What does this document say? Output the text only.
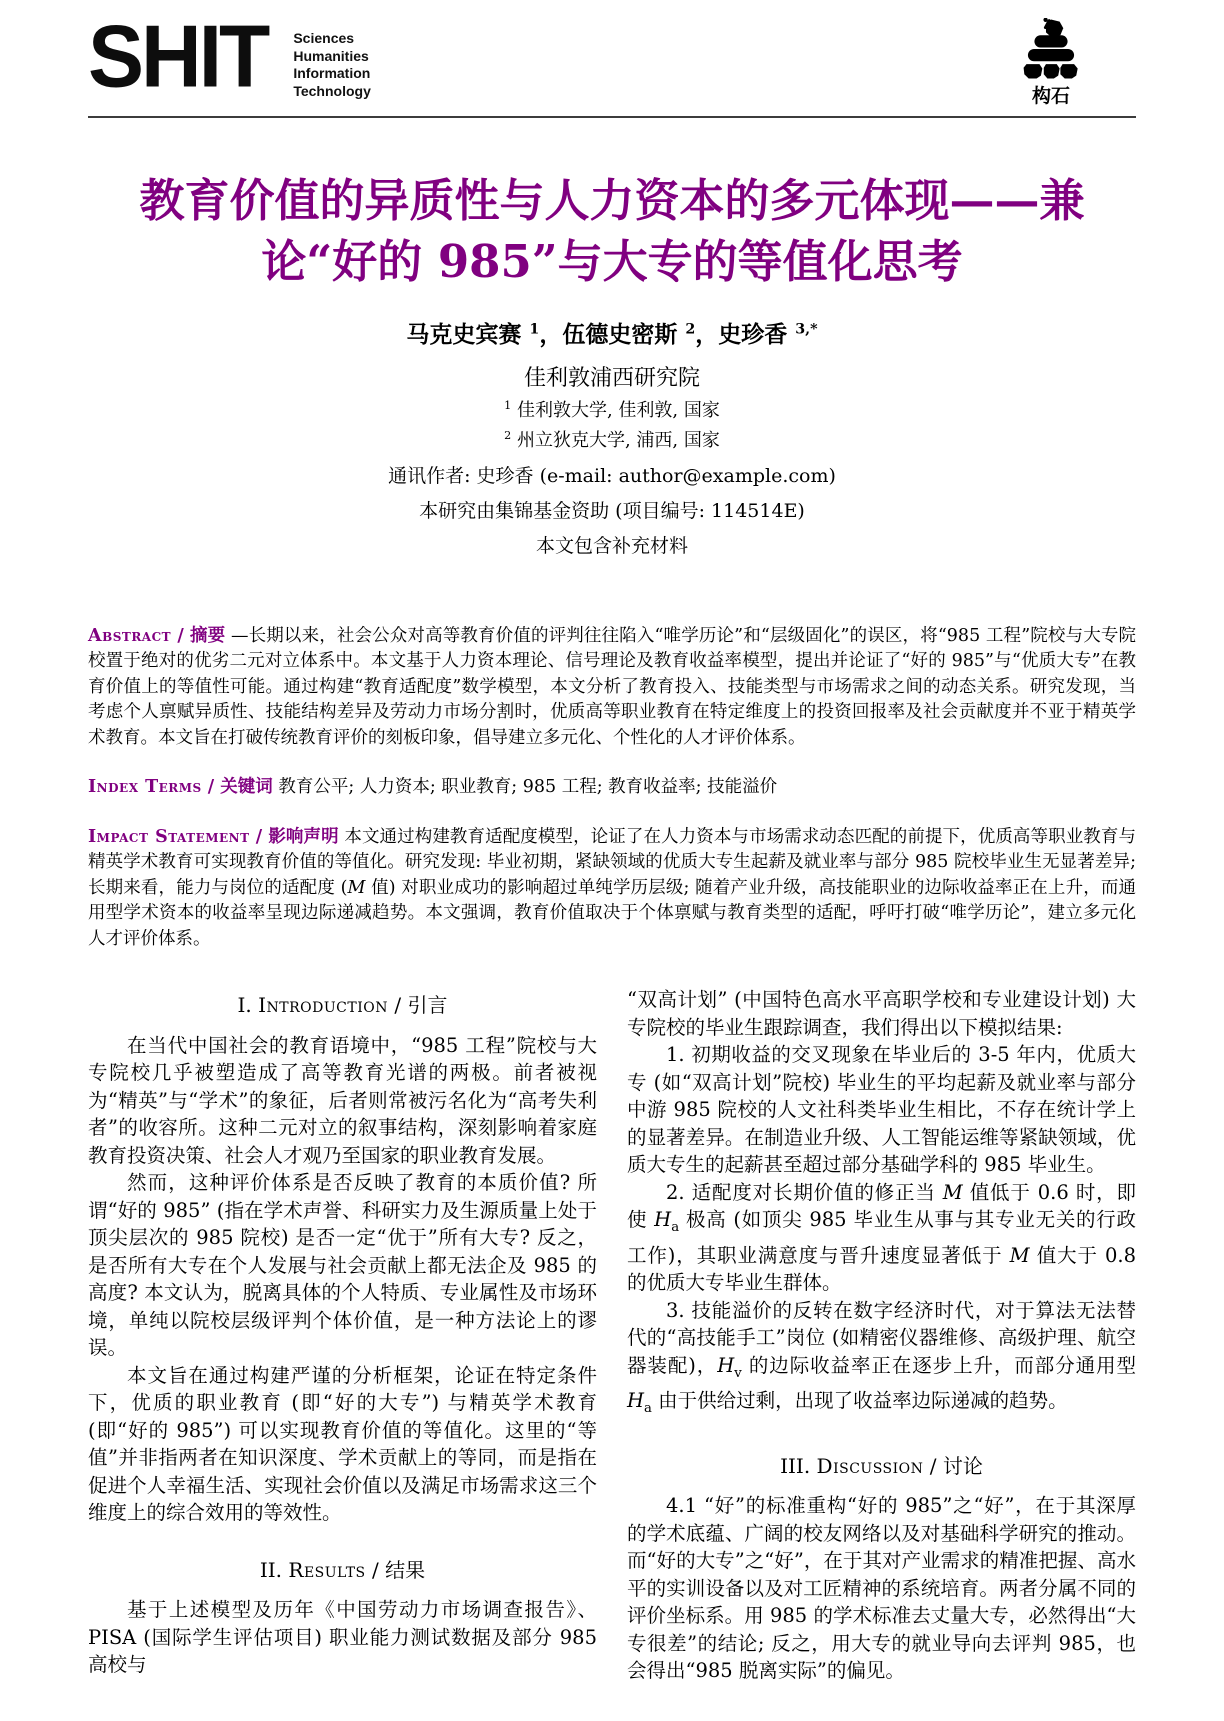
SHIT Sciences
Humanities
Information
Technology	构石
教育价值的异质性与人力资本的多元体现——兼
论“好的 985”与大专的等值化思考
马克史宾赛 $^1$，伍德史密斯 $^2$，史珍香 $^{3,*}$
佳利敦浦西研究院
$^1$ 佳利敦大学, 佳利敦, 国家
$^2$ 州立狄克大学, 浦西, 国家
通讯作者: 史珍香 (e-mail: author@example.com)
本研究由集锦基金资助 (项目编号: 114514E)
本文包含补充材料

Abstract / 摘要 —长期以来，社会公众对高等教育价值的评判往往陷入“唯学历论”和“层级固化”的误区，将“985 工程”院校与大专院校置于绝对的优劣二元对立体系中。本文基于人力资本理论、信号理论及教育收益率模型，提出并论证了“好的 985”与“优质大专”在教育价值上的等值性可能。通过构建“教育适配度”数学模型，本文分析了教育投入、技能类型与市场需求之间的动态关系。研究发现，当考虑个人禀赋异质性、技能结构差异及劳动力市场分割时，优质高等职业教育在特定维度上的投资回报率及社会贡献度并不亚于精英学术教育。本文旨在打破传统教育评价的刻板印象，倡导建立多元化、个性化的人才评价体系。

Index Terms / 关键词 教育公平; 人力资本; 职业教育; 985 工程; 教育收益率; 技能溢价

Impact Statement / 影响声明 本文通过构建教育适配度模型，论证了在人力资本与市场需求动态匹配的前提下，优质高等职业教育与精英学术教育可实现教育价值的等值化。研究发现: 毕业初期，紧缺领域的优质大专生起薪及就业率与部分 985 院校毕业生无显著差异; 长期来看，能力与岗位的适配度 (M 值) 对职业成功的影响超过单纯学历层级; 随着产业升级，高技能职业的边际收益率正在上升，而通用型学术资本的收益率呈现边际递减趋势。本文强调，教育价值取决于个体禀赋与教育类型的适配，呼吁打破“唯学历论”，建立多元化人才评价体系。

I. Introduction / 引言

在当代中国社会的教育语境中，“985 工程”院校与大专院校几乎被塑造成了高等教育光谱的两极。前者被视为“精英”与“学术”的象征，后者则常被污名化为“高考失利者”的收容所。这种二元对立的叙事结构，深刻影响着家庭教育投资决策、社会人才观乃至国家的职业教育发展。

然而，这种评价体系是否反映了教育的本质价值? 所谓“好的 985” (指在学术声誉、科研实力及生源质量上处于顶尖层次的 985 院校) 是否一定“优于”所有大专? 反之，是否所有大专在个人发展与社会贡献上都无法企及 985 的高度? 本文认为，脱离具体的个人特质、专业属性及市场环境，单纯以院校层级评判个体价值，是一种方法论上的谬误。

本文旨在通过构建严谨的分析框架，论证在特定条件下，优质的职业教育 (即“好的大专”) 与精英学术教育 (即“好的 985”) 可以实现教育价值的等值化。这里的“等值”并非指两者在知识深度、学术贡献上的等同，而是指在促进个人幸福生活、实现社会价值以及满足市场需求这三个维度上的综合效用的等效性。

II. Results / 结果

基于上述模型及历年《中国劳动力市场调查报告》、PISA (国际学生评估项目) 职业能力测试数据及部分 985 高校与

“双高计划” (中国特色高水平高职学校和专业建设计划) 大专院校的毕业生跟踪调查，我们得出以下模拟结果:

1. 初期收益的交叉现象在毕业后的 3-5 年内，优质大专 (如“双高计划”院校) 毕业生的平均起薪及就业率与部分中游 985 院校的人文社科类毕业生相比，不存在统计学上的显著差异。在制造业升级、人工智能运维等紧缺领域，优质大专生的起薪甚至超过部分基础学科的 985 毕业生。

2. 适配度对长期价值的修正当 M 值低于 0.6 时，即使 $H_a$ 极高 (如顶尖 985 毕业生从事与其专业无关的行政工作)，其职业满意度与晋升速度显著低于 M 值大于 0.8 的优质大专毕业生群体。

3. 技能溢价的反转在数字经济时代，对于算法无法替代的“高技能手工”岗位 (如精密仪器维修、高级护理、航空器装配)，$H_v$ 的边际收益率正在逐步上升，而部分通用型 $H_a$ 由于供给过剩，出现了收益率边际递减的趋势。

III. Discussion / 讨论

4.1 “好”的标准重构“好的 985”之“好”，在于其深厚的学术底蕴、广阔的校友网络以及对基础科学研究的推动。而“好的大专”之“好”，在于其对产业需求的精准把握、高水平的实训设备以及对工匠精神的系统培育。两者分属不同的评价坐标系。用 985 的学术标准去丈量大专，必然得出“大专很差”的结论; 反之，用大专的就业导向去评判 985，也会得出“985 脱离实际”的偏见。
